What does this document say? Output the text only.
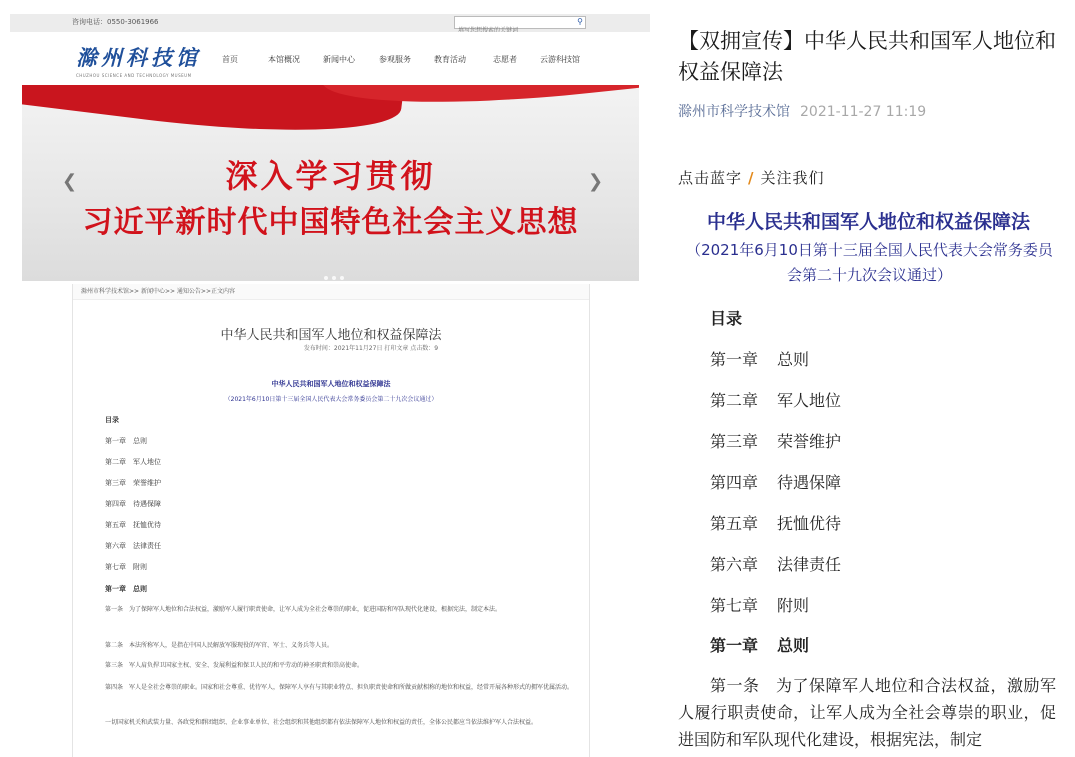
咨询电话：0550-3061966
填写您想搜索的关键词	⚲
滁州科技馆
CHUZHOU SCIENCE AND TECHNOLOGY MUSEUM
首页	本馆概况	新闻中心	参观服务	教育活动	志愿者	云游科技馆
深入学习贯彻
习近平新时代中国特色社会主义思想
❮	❯
滁州市科学技术馆>> 新闻中心>> 通知公告>>正文内容
中华人民共和国军人地位和权益保障法
发布时间：2021年11月27日 打印文章 点击数：9
中华人民共和国军人地位和权益保障法
（2021年6月10日第十三届全国人民代表大会常务委员会第二十九次会议通过）
目录
第一章　总则
第二章　军人地位
第三章　荣誉维护
第四章　待遇保障
第五章　抚恤优待
第六章　法律责任
第七章　附则
第一章　总则
第一条　为了保障军人地位和合法权益，激励军人履行职责使命，让军人成为全社会尊崇的职业，促进国防和军队现代化建设，根据宪法，制定本法。
第二条　本法所称军人，是指在中国人民解放军服现役的军官、军士、义务兵等人员。
第三条　军人肩负捍卫国家主权、安全、发展利益和保卫人民的和平劳动的神圣职责和崇高使命。
第四条　军人是全社会尊崇的职业。国家和社会尊重、优待军人，保障军人享有与其职业特点、担负职责使命和所做贡献相称的地位和权益，经常开展各种形式的拥军优属活动。
一切国家机关和武装力量、各政党和群团组织、企业事业单位、社会组织和其他组织都有依法保障军人地位和权益的责任，全体公民都应当依法维护军人合法权益。
【双拥宣传】中华人民共和国军人地位和权益保障法
滁州市科学技术馆 2021-11-27 11:19
点击蓝字 / 关注我们
中华人民共和国军人地位和权益保障法
（2021年6月10日第十三届全国人民代表大会常务委员会第二十九次会议通过）
目录
第一章 总则
第二章 军人地位
第三章 荣誉维护
第四章 待遇保障
第五章 抚恤优待
第六章 法律责任
第七章 附则
第一章 总则
第一条　为了保障军人地位和合法权益，激励军人履行职责使命，让军人成为全社会尊崇的职业，促进国防和军队现代化建设，根据宪法，制定
